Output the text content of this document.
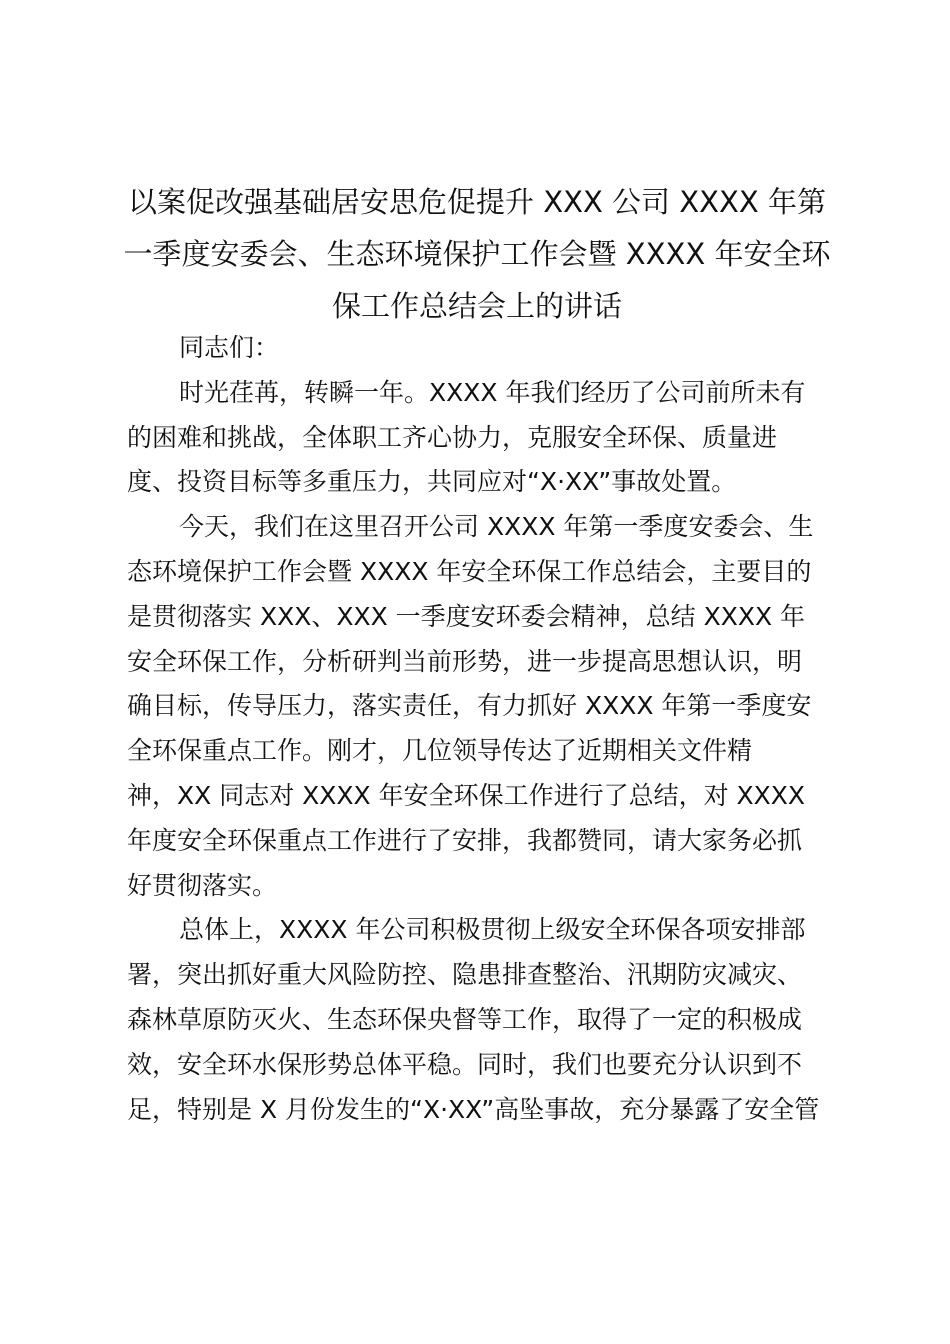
以案促改强基础居安思危促提升 XXX 公司 XXXX 年第
一季度安委会、生态环境保护工作会暨 XXXX 年安全环
保工作总结会上的讲话
同志们：
时光荏苒，转瞬一年。XXXX 年我们经历了公司前所未有
的困难和挑战，全体职工齐心协力，克服安全环保、质量进
度、投资目标等多重压力，共同应对“X·XX”事故处置。
今天，我们在这里召开公司 XXXX 年第一季度安委会、生
态环境保护工作会暨 XXXX 年安全环保工作总结会，主要目的
是贯彻落实 XXX、XXX 一季度安环委会精神，总结 XXXX 年
安全环保工作，分析研判当前形势，进一步提高思想认识，明
确目标，传导压力，落实责任，有力抓好 XXXX 年第一季度安
全环保重点工作。刚才，几位领导传达了近期相关文件精
神，XX 同志对 XXXX 年安全环保工作进行了总结，对 XXXX
年度安全环保重点工作进行了安排，我都赞同，请大家务必抓
好贯彻落实。
总体上，XXXX 年公司积极贯彻上级安全环保各项安排部
署，突出抓好重大风险防控、隐患排查整治、汛期防灾减灾、
森林草原防灭火、生态环保央督等工作，取得了一定的积极成
效，安全环水保形势总体平稳。同时，我们也要充分认识到不
足，特别是 X 月份发生的“X·XX”高坠事故，充分暴露了安全管
